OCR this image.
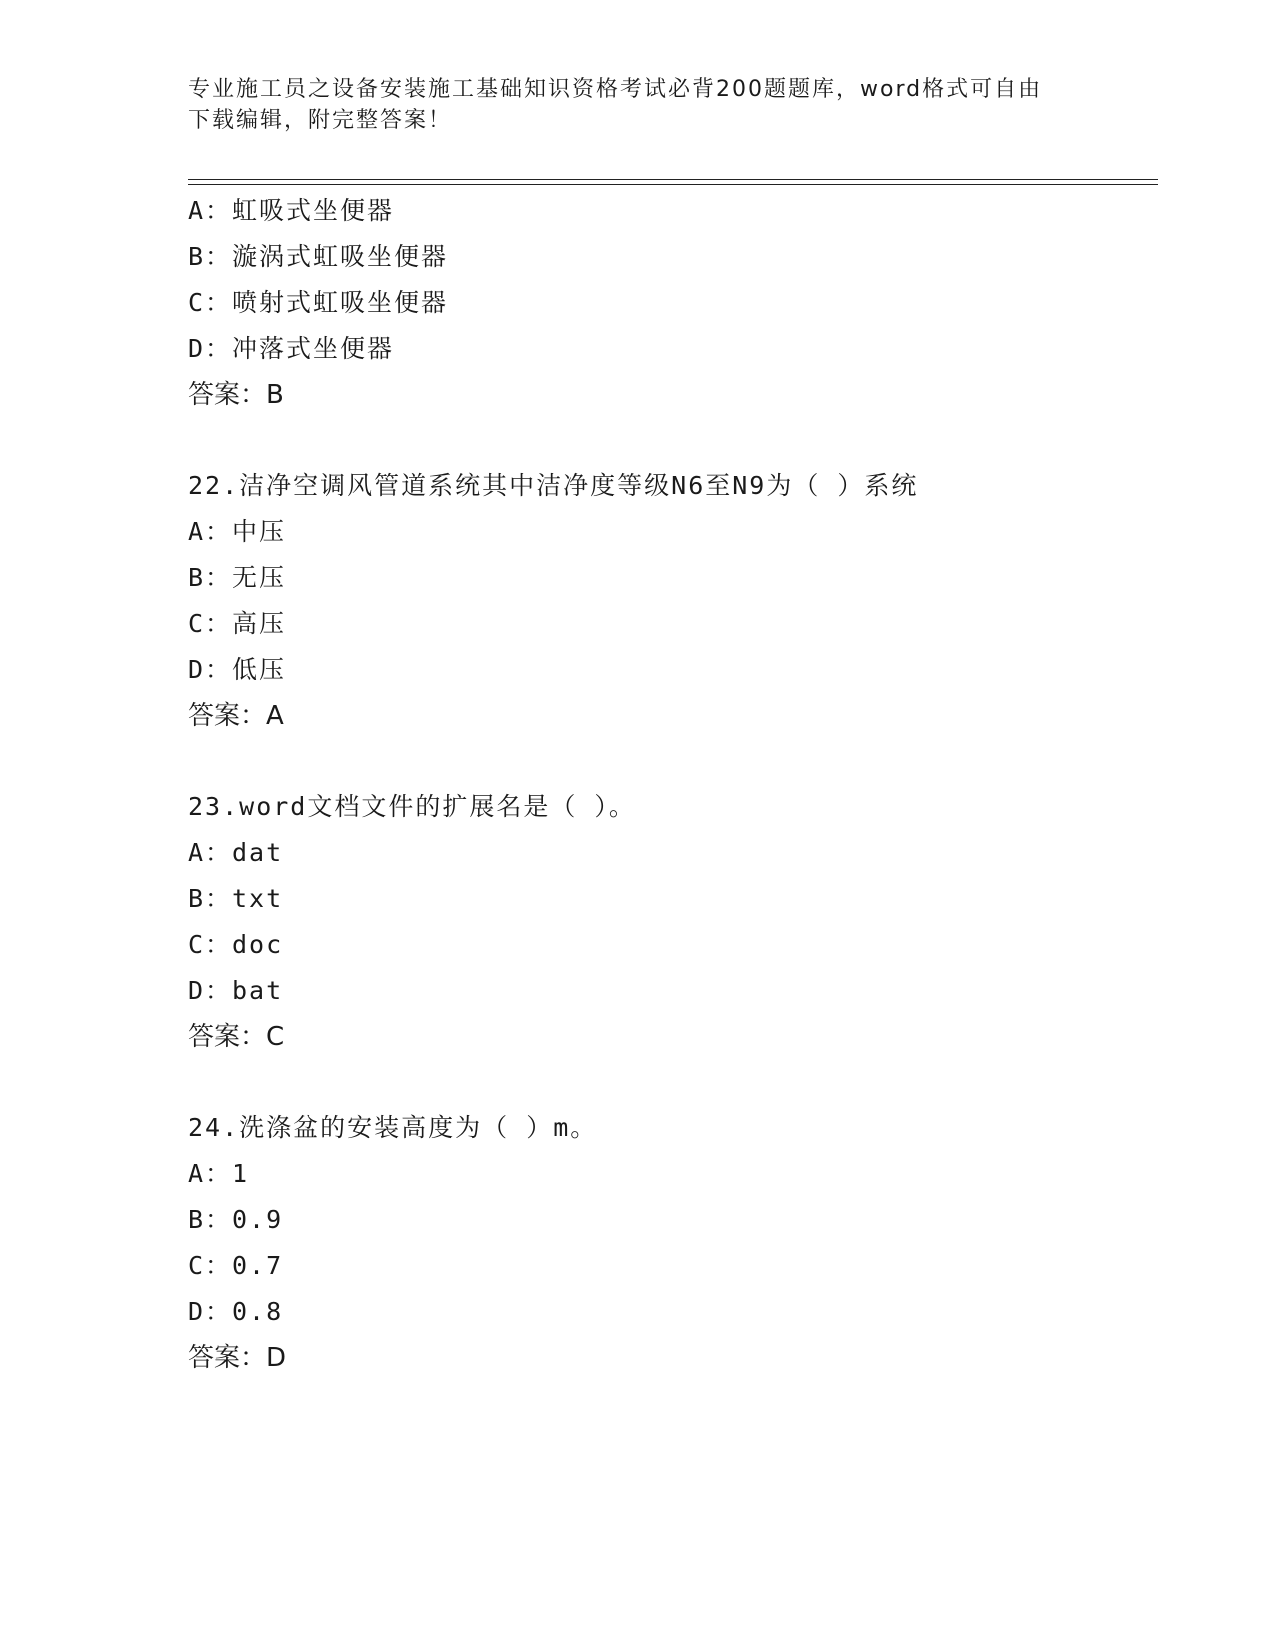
专业施工员之设备安装施工基础知识资格考试必背200题题库，word格式可自由
下载编辑，附完整答案！
A：虹吸式坐便器
B：漩涡式虹吸坐便器
C：喷射式虹吸坐便器
D：冲落式坐便器
答案：B
22.洁净空调风管道系统其中洁净度等级N6至N9为（ ）系统
A：中压
B：无压
C：高压
D：低压
答案：A
23.word文档文件的扩展名是（ ）。
A：dat
B：txt
C：doc
D：bat
答案：C
24.洗涤盆的安装高度为（ ）m。
A：1
B：0.9
C：0.7
D：0.8
答案：D
